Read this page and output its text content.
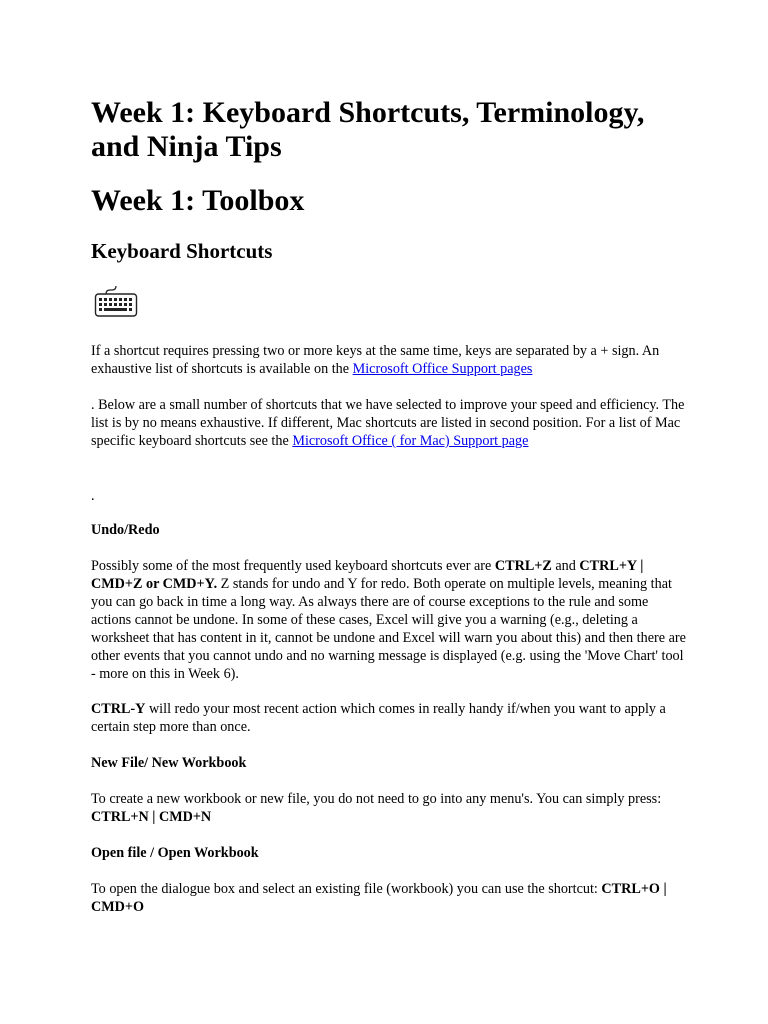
Week 1: Keyboard Shortcuts, Terminology, and Ninja Tips
Week 1: Toolbox
Keyboard Shortcuts

If a shortcut requires pressing two or more keys at the same time, keys are separated by a + sign. An exhaustive list of shortcuts is available on the Microsoft Office Support pages

. Below are a small number of shortcuts that we have selected to improve your speed and efficiency. The list is by no means exhaustive. If different, Mac shortcuts are listed in second position. For a list of Mac specific keyboard shortcuts see the Microsoft Office ( for Mac) Support page

.

Undo/Redo

Possibly some of the most frequently used keyboard shortcuts ever are CTRL+Z and CTRL+Y | CMD+Z or CMD+Y. Z stands for undo and Y for redo. Both operate on multiple levels, meaning that you can go back in time a long way. As always there are of course exceptions to the rule and some actions cannot be undone. In some of these cases, Excel will give you a warning (e.g., deleting a worksheet that has content in it, cannot be undone and Excel will warn you about this) and then there are other events that you cannot undo and no warning message is displayed (e.g. using the 'Move Chart' tool - more on this in Week 6).

CTRL-Y will redo your most recent action which comes in really handy if/when you want to apply a certain step more than once.

New File/ New Workbook

To create a new workbook or new file, you do not need to go into any menu's. You can simply press: CTRL+N | CMD+N

Open file / Open Workbook

To open the dialogue box and select an existing file (workbook) you can use the shortcut: CTRL+O | CMD+O
